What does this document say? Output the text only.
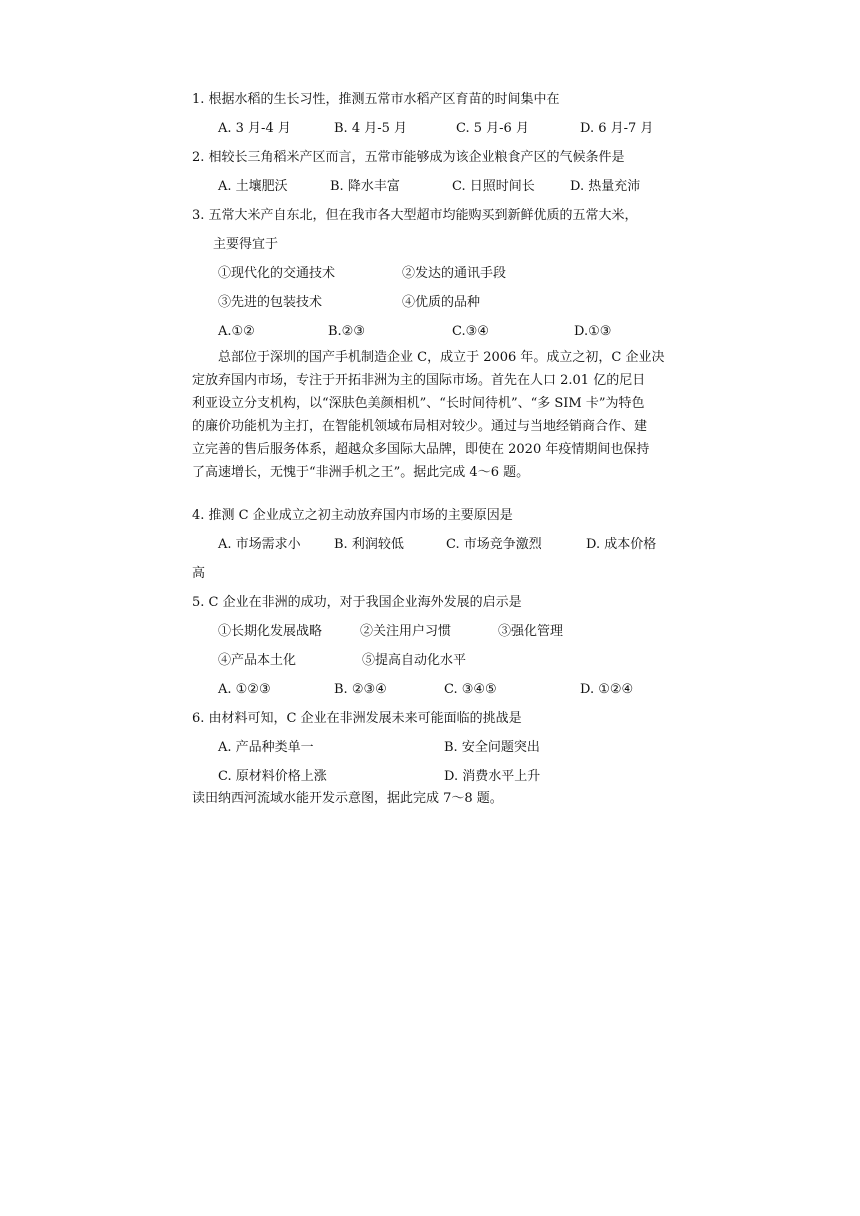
1. 根据水稻的生长习性，推测五常市水稻产区育苗的时间集中在
A. 3 月-4 月	B. 4 月-5 月	C. 5 月-6 月	D. 6 月-7 月
2. 相较长三角稻米产区而言，五常市能够成为该企业粮食产区的气候条件是
A. 土壤肥沃	B. 降水丰富	C. 日照时间长	D. 热量充沛
3. 五常大米产自东北，但在我市各大型超市均能购买到新鲜优质的五常大米，
主要得宜于
①现代化的交通技术	②发达的通讯手段
③先进的包装技术	④优质的品种
A.①②	B.②③	C.③④	D.①③
总部位于深圳的国产手机制造企业 C，成立于 2006 年。成立之初，C 企业决
定放弃国内市场，专注于开拓非洲为主的国际市场。首先在人口 2.01 亿的尼日
利亚设立分支机构，以“深肤色美颜相机”、“长时间待机”、“多 SIM 卡”为特色
的廉价功能机为主打，在智能机领域布局相对较少。通过与当地经销商合作、建
立完善的售后服务体系，超越众多国际大品牌，即使在 2020 年疫情期间也保持
了高速增长，无愧于“非洲手机之王”。据此完成 4～6 题。
4. 推测 C 企业成立之初主动放弃国内市场的主要原因是
A. 市场需求小	B. 利润较低	C. 市场竞争激烈	D. 成本价格
高
5. C 企业在非洲的成功，对于我国企业海外发展的启示是
①长期化发展战略	②关注用户习惯	③强化管理
④产品本土化	⑤提高自动化水平
A. ①②③	B. ②③④	C. ③④⑤	D. ①②④
6. 由材料可知，C 企业在非洲发展未来可能面临的挑战是
A. 产品种类单一	B. 安全问题突出
C. 原材料价格上涨	D. 消费水平上升
读田纳西河流域水能开发示意图，据此完成 7～8 题。
